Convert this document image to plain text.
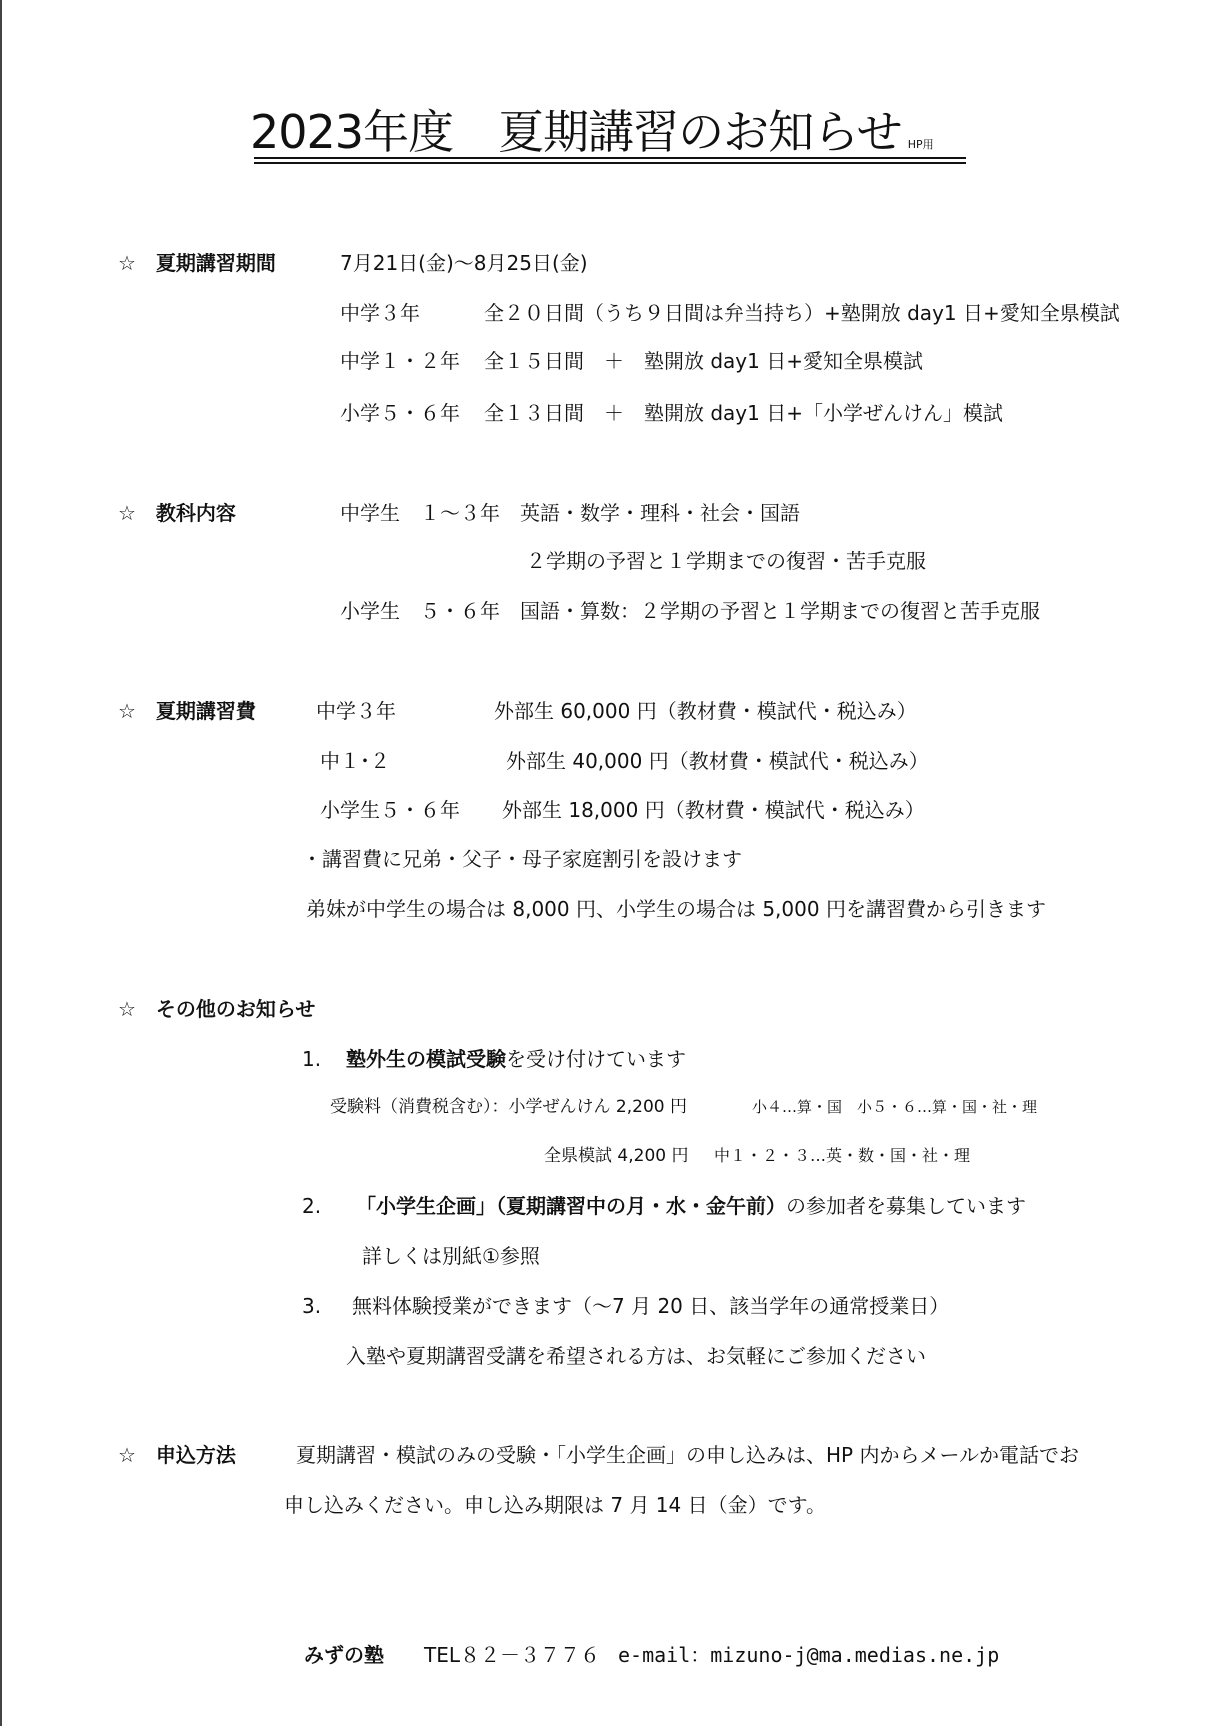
2023年度　夏期講習のお知らせ HP用
☆　夏期講習期間	7月21日(金)～8月25日(金)
中学３年	全２０日間（うち９日間は弁当持ち）+塾開放 day1 日+愛知全県模試
中学１・２年 全１５日間　＋　塾開放 day1 日+愛知全県模試
小学５・６年 全１３日間　＋　塾開放 day1 日+「小学ぜんけん」模試
☆　教科内容	中学生　１～３年　英語・数学・理科・社会・国語
２学期の予習と１学期までの復習・苦手克服
小学生　５・６年　国語・算数：２学期の予習と１学期までの復習と苦手克服
☆　夏期講習費	中学３年	外部生 60,000 円（教材費・模試代・税込み）
中１･２	外部生 40,000 円（教材費・模試代・税込み）
小学生５・６年 外部生 18,000 円（教材費・模試代・税込み）
・講習費に兄弟・父子・母子家庭割引を設けます
弟妹が中学生の場合は 8,000 円、小学生の場合は 5,000 円を講習費から引きます
☆　その他のお知らせ
1. 塾外生の模試受験を受け付けています
受験料（消費税含む）：小学ぜんけん 2,200 円	小４…算・国　小５・６…算・国・社・理
全県模試 4,200 円 中１・２・３…英・数・国・社・理
2. 「小学生企画」（夏期講習中の月・水・金午前）の参加者を募集しています
詳しくは別紙①参照
3. 無料体験授業ができます（～7 月 20 日、該当学年の通常授業日）
入塾や夏期講習受講を希望される方は、お気軽にご参加ください
☆　申込方法	夏期講習・模試のみの受験・「小学生企画」の申し込みは、HP 内からメールか電話でお
申し込みください。申し込み期限は 7 月 14 日（金）です。
みずの塾 TEL８２－３７７６ e-mail：mizuno-j@ma.medias.ne.jp
